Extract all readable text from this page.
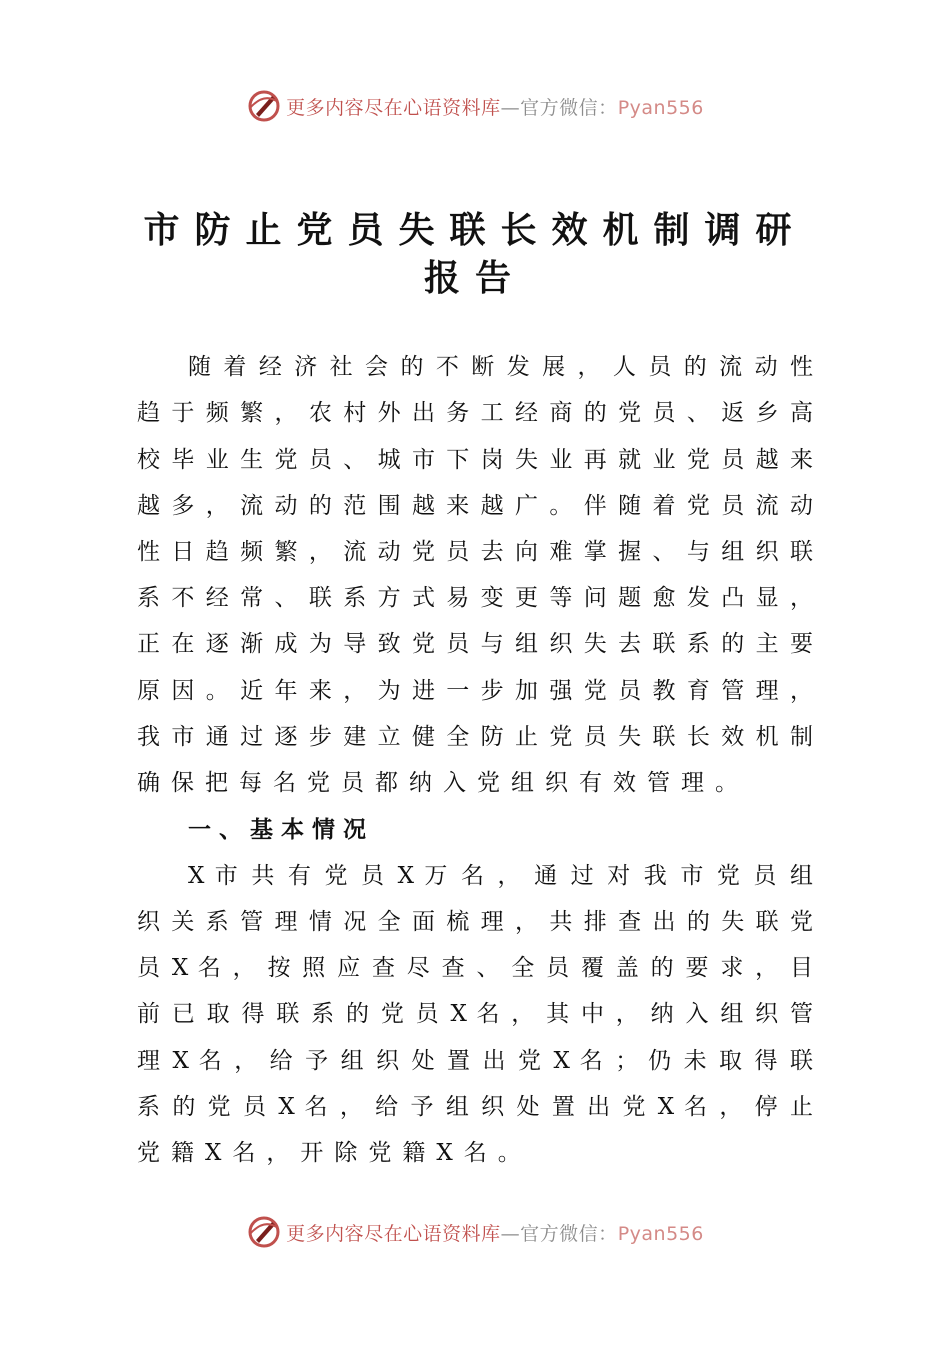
更多内容尽在心语资料库—官方微信：Pyan556
市防止党员失联长效机制调研
报告
随 着 经 济 社 会 的 不 断 发 展 ， 人 员 的 流 动 性
趋 于 频 繁 ， 农 村 外 出 务 工 经 商 的 党 员 、 返 乡 高
校 毕 业 生 党 员 、 城 市 下 岗 失 业 再 就 业 党 员 越 来
越 多 ， 流 动 的 范 围 越 来 越 广 。 伴 随 着 党 员 流 动
性 日 趋 频 繁 ， 流 动 党 员 去 向 难 掌 握 、 与 组 织 联
系 不 经 常 、 联 系 方 式 易 变 更 等 问 题 愈 发 凸 显 ，
正 在 逐 渐 成 为 导 致 党 员 与 组 织 失 去 联 系 的 主 要
原 因 。 近 年 来 ， 为 进 一 步 加 强 党 员 教 育 管 理 ，
我 市 通 过 逐 步 建 立 健 全 防 止 党 员 失 联 长 效 机 制
确保把每名党员都纳入党组织有效管理。
一、基本情况
X 市 共 有 党 员 X 万 名 ， 通 过 对 我 市 党 员 组
织 关 系 管 理 情 况 全 面 梳 理 ， 共 排 查 出 的 失 联 党
员 X 名 ， 按 照 应 查 尽 查 、 全 员 覆 盖 的 要 求 ， 目
前 已 取 得 联 系 的 党 员 X 名 ， 其 中 ， 纳 入 组 织 管
理 X 名 ， 给 予 组 织 处 置 出 党 X 名 ； 仍 未 取 得 联
系 的 党 员 X 名 ， 给 予 组 织 处 置 出 党 X 名 ， 停 止
党籍X名，开除党籍X名。
更多内容尽在心语资料库—官方微信：Pyan556
